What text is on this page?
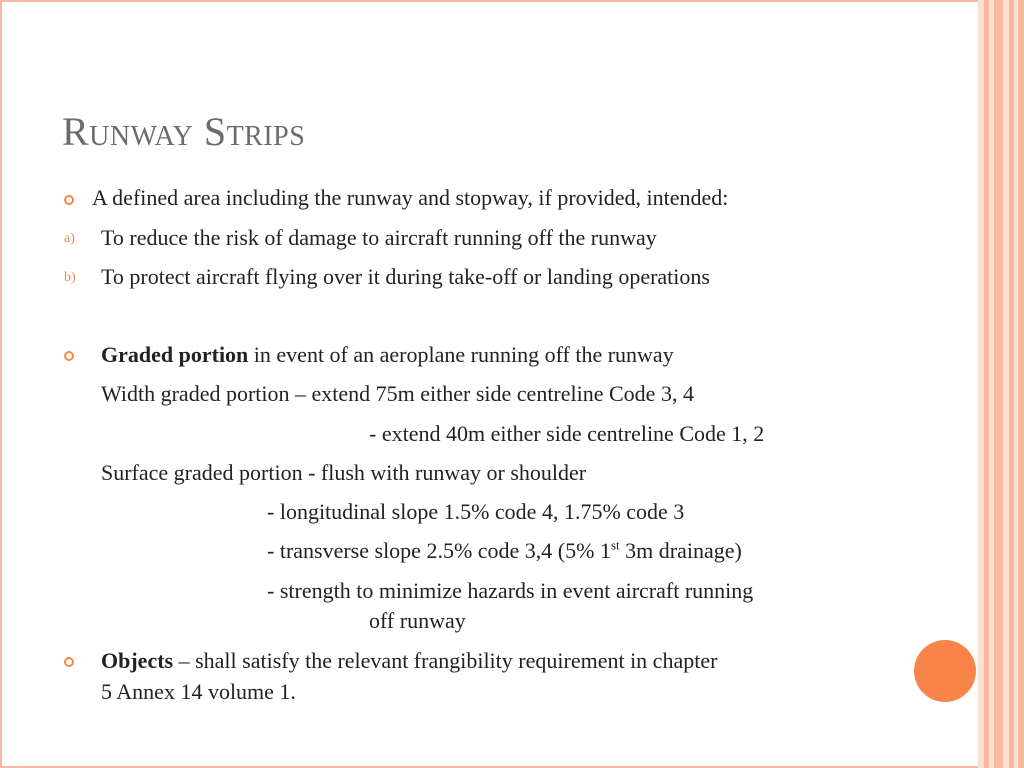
Runway Strips
A defined area including the runway and stopway, if provided, intended:
a) To reduce the risk of damage to aircraft running off the runway
b) To protect aircraft flying over it during take-off or landing operations
Graded portion in event of an aeroplane running off the runway
Width graded portion – extend 75m either side centreline Code 3, 4
- extend 40m either side centreline Code 1, 2
Surface graded portion - flush with runway or shoulder
- longitudinal slope 1.5% code 4, 1.75% code 3
- transverse slope 2.5% code 3,4 (5% 1st 3m drainage)
- strength to minimize hazards in event aircraft running
off runway
Objects – shall satisfy the relevant frangibility requirement in chapter
5 Annex 14 volume 1.
